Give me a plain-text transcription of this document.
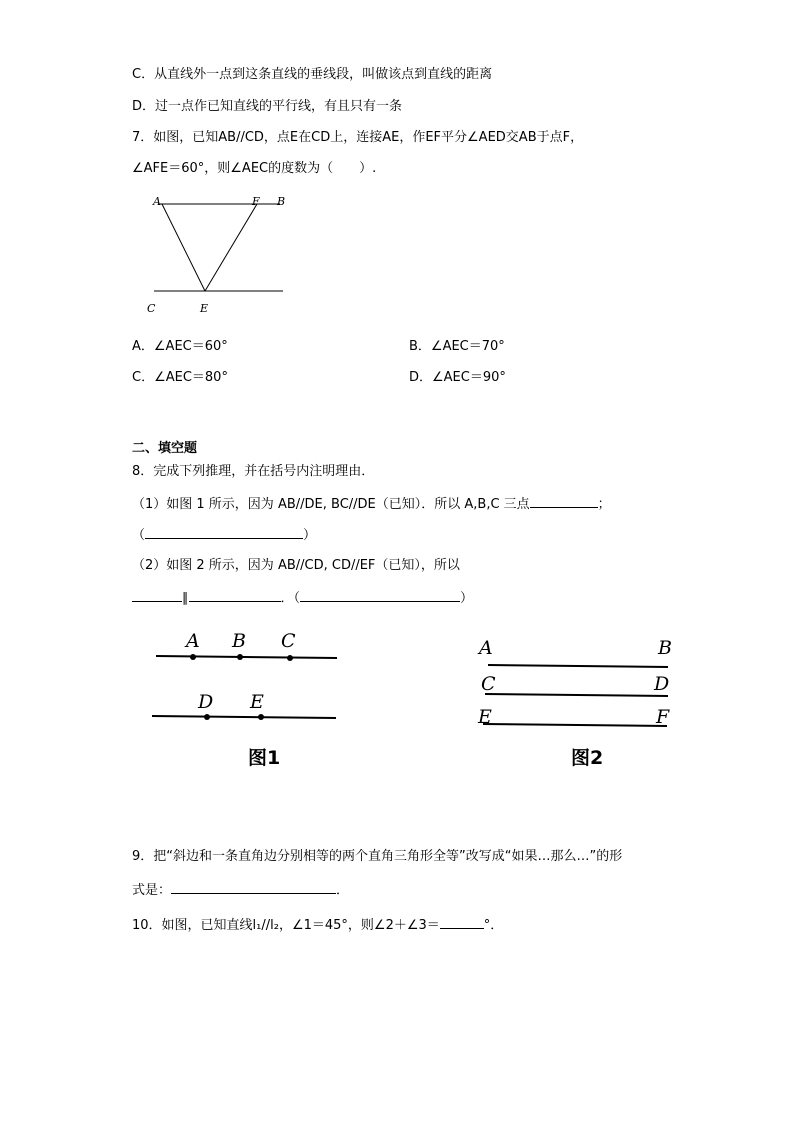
C．从直线外一点到这条直线的垂线段，叫做该点到直线的距离
D．过一点作已知直线的平行线，有且只有一条
7．如图，已知AB//CD，点E在CD上，连接AE，作EF平分∠AED交AB于点F，
∠AFE＝60°，则∠AEC的度数为（　　）.
A	F B
C	E
A．∠AEC＝60°	B．∠AEC＝70°
C．∠AEC＝80°	D．∠AEC＝90°
二、填空题
8．完成下列推理，并在括号内注明理由．
（1）如图 1 所示，因为 AB//DE, BC//DE（已知）．所以 A,B,C 三点	；
（	）
（2）如图 2 所示，因为 AB//CD, CD//EF（已知），所以
∥	．（	）
A B C
D E
图1
A	B
C	D
E	F
图2
9．把“斜边和一条直角边分别相等的两个直角三角形全等”改写成“如果…那么…”的形
式是：	．
10．如图，已知直线l₁//l₂，∠1＝45°，则∠2＋∠3＝	°．
